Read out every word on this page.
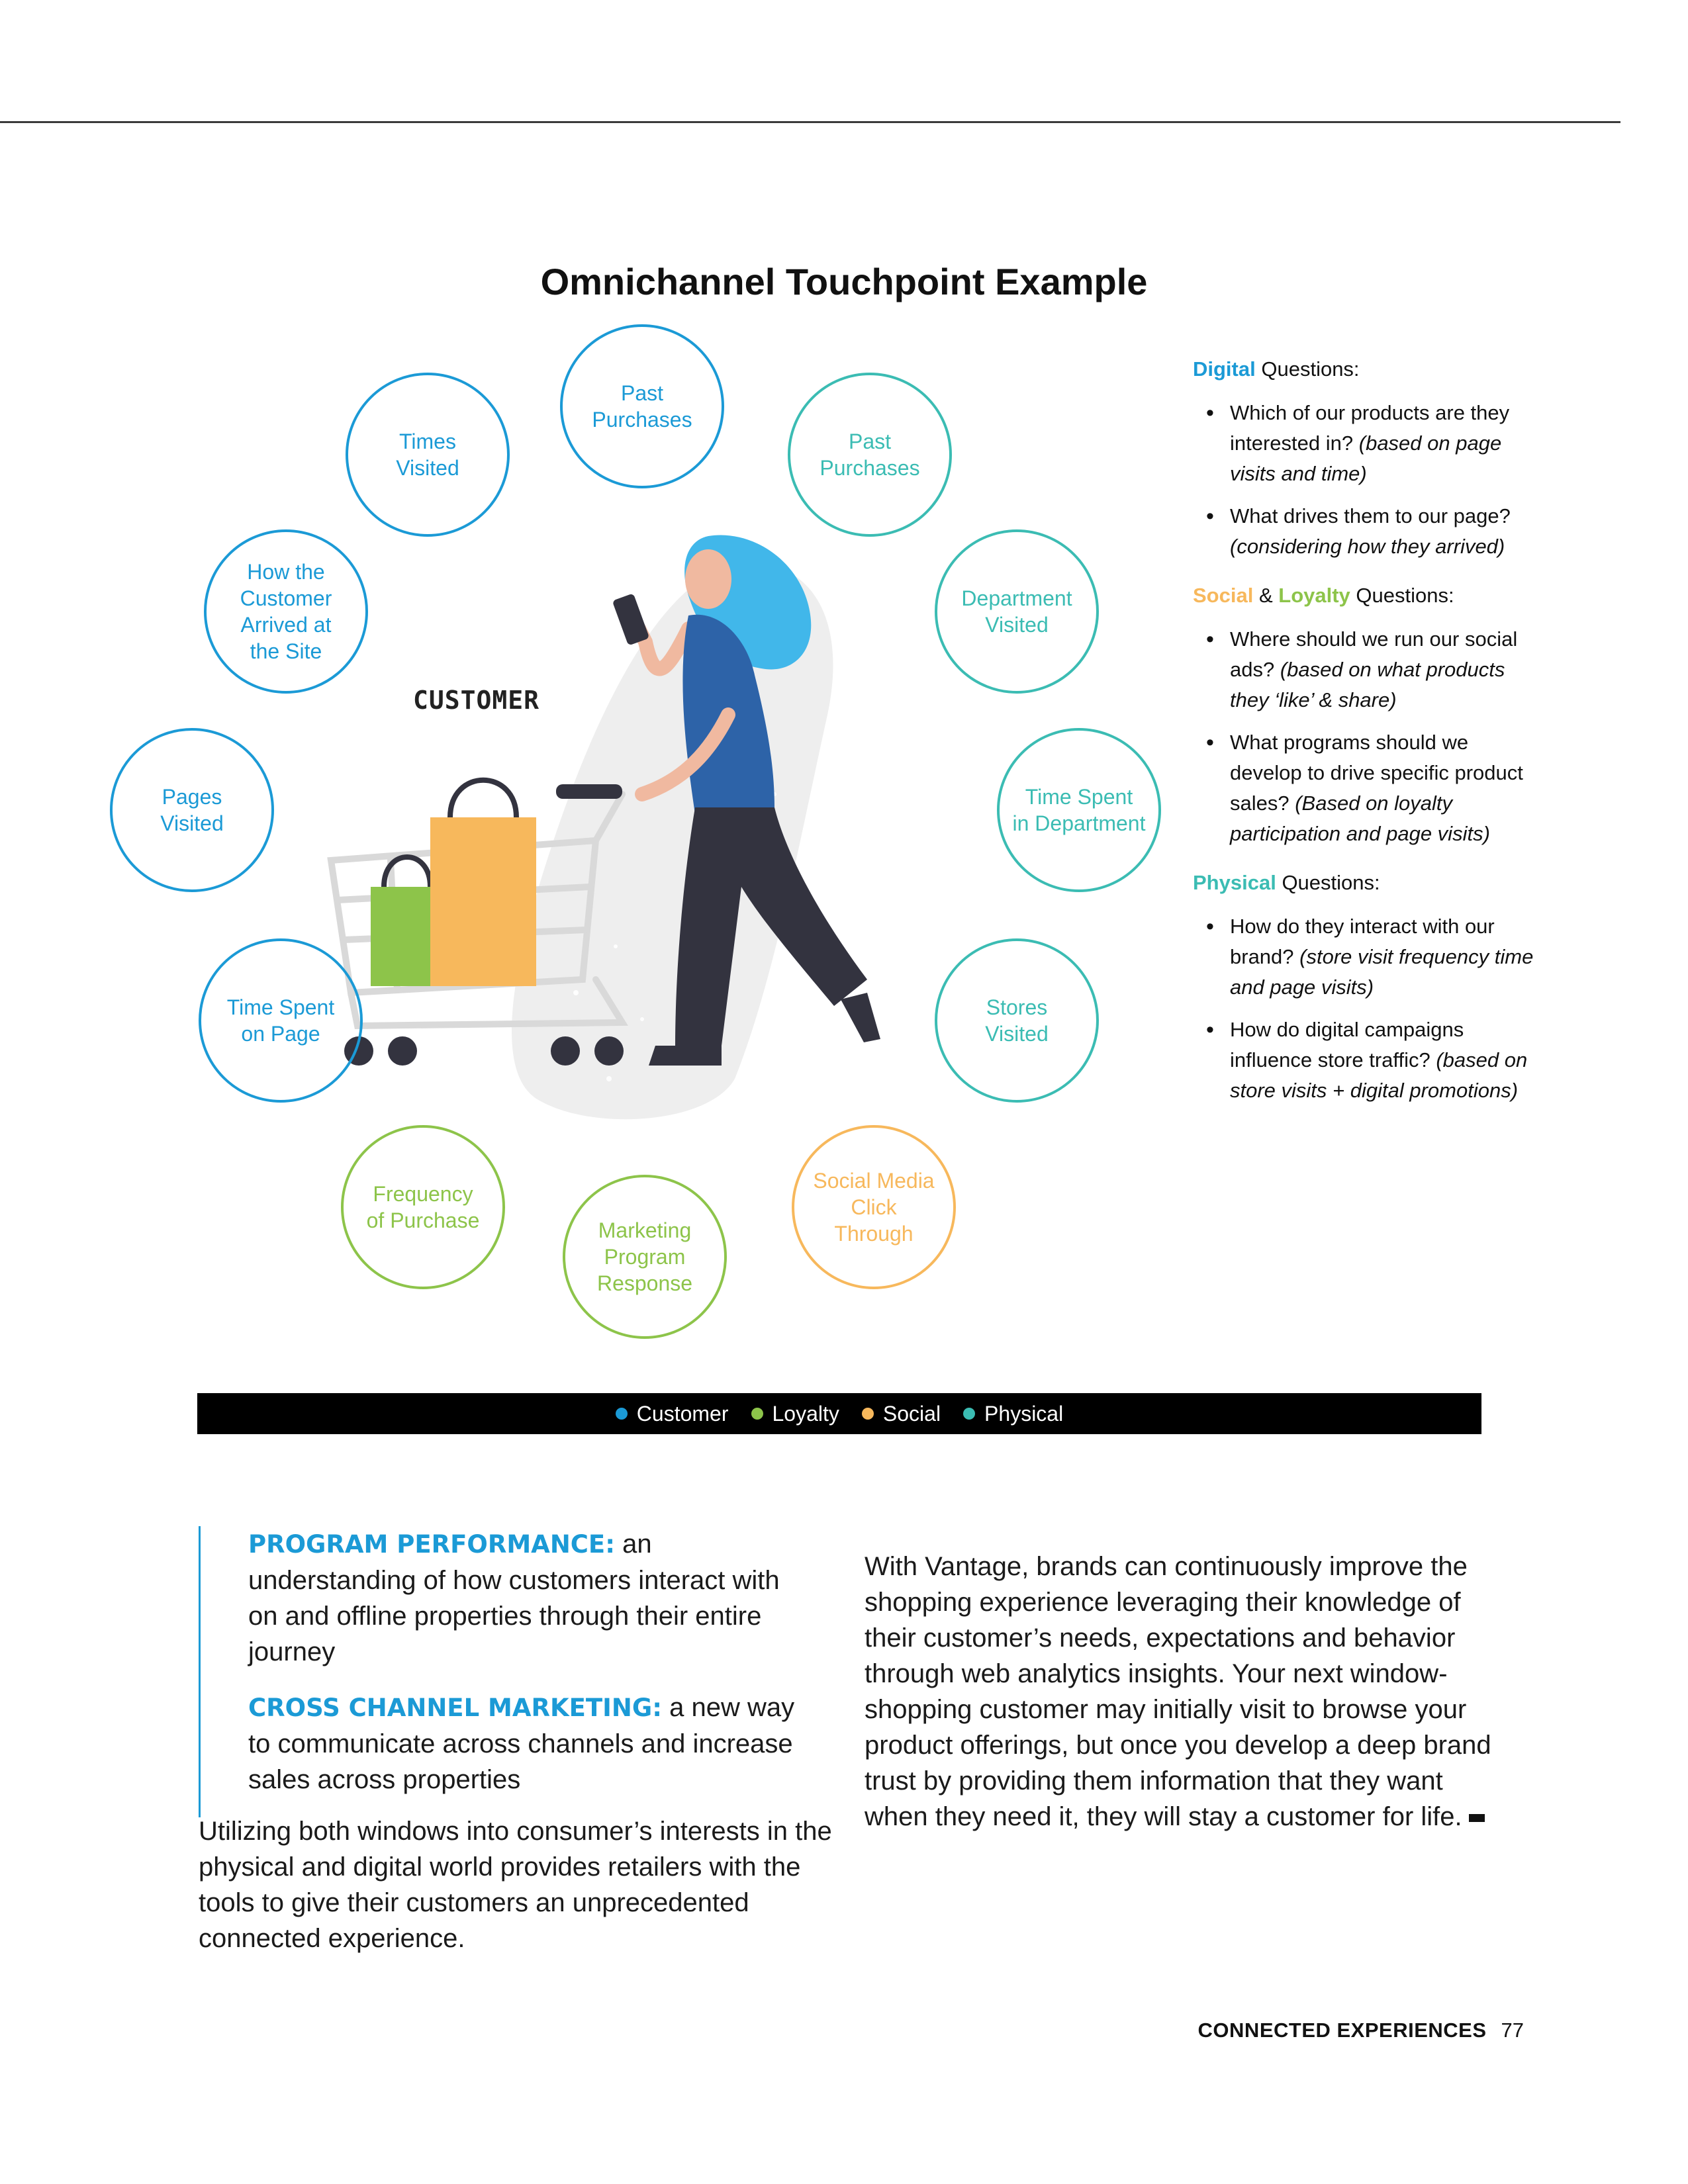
Omnichannel Touchpoint Example
CUSTOMER
Times
Visited
Past
Purchases
Past
Purchases
How the
Customer
Arrived at
the Site
Department
Visited
Pages
Visited
Time Spent
in Department
Time Spent
on Page
Stores
Visited
Frequency
of Purchase
Social Media
Click
Through
Marketing
Program
Response

Digital Questions:

• Which of our products are they interested in? (based on page visits and time)
• What drives them to our page? (considering how they arrived)

Social & Loyalty Questions:

• Where should we run our social ads? (based on what products they ‘like’ & share)
• What programs should we develop to drive specific product sales? (Based on loyalty participation and page visits)

Physical Questions:

• How do they interact with our brand? (store visit frequency time and page visits)
• How do digital campaigns influence store traffic? (based on store visits + digital promotions)
Customer Loyalty Social Physical

PROGRAM PERFORMANCE: an understanding of how customers interact with on and offline properties through their entire journey

CROSS CHANNEL MARKETING: a new way to communicate across channels and increase sales across properties

Utilizing both windows into consumer’s interests in the physical and digital world provides retailers with the tools to give their customers an unprecedented connected experience.

With Vantage, brands can continuously improve the shopping experience leveraging their knowledge of their customer’s needs, expectations and behavior through web analytics insights. Your next window-shopping customer may initially visit to browse your product offerings, but once you develop a deep brand trust by providing them information that they want when they need it, they will stay a customer for life.

CONNECTED EXPERIENCES 77
